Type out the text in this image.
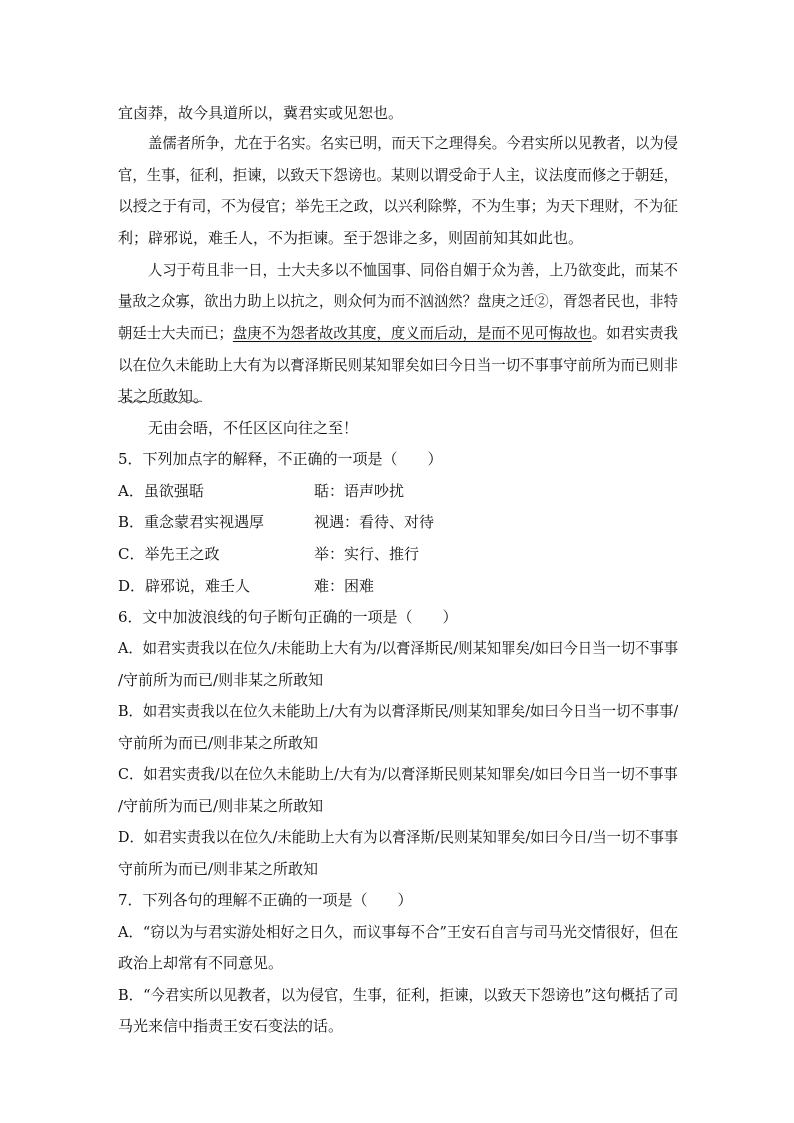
宜卤莽，故今具道所以，冀君实或见恕也。
盖儒者所争，尤在于名实。名实已明，而天下之理得矣。今君实所以见教者，以为侵
官，生事，征利，拒谏，以致天下怨谤也。某则以谓受命于人主，议法度而修之于朝廷，
以授之于有司，不为侵官；举先王之政，以兴利除弊，不为生事；为天下理财，不为征
利；辟邪说，难壬人，不为拒谏。至于怨诽之多，则固前知其如此也。
人习于苟且非一日，士大夫多以不恤国事、同俗自媚于众为善，上乃欲变此，而某不
量敌之众寡，欲出力助上以抗之，则众何为而不汹汹然？盘庚之迁②，胥怨者民也，非特
朝廷士大夫而已；盘庚不为怨者故改其度，度义而后动，是而不见可悔故也。如君实责我
以在位久未能助上大有为以膏泽斯民则某知罪矣如曰今日当一切不事事守前所为而已则非
某之所敢知。
无由会晤，不任区区向往之至！
5．下列加点字的解释，不正确的一项是（　　）
A．虽欲强聒	聒：语声吵扰
B．重念蒙君实视遇厚	视遇：看待、对待
C．举先王之政	举：实行、推行
D．辟邪说，难壬人	难：困难
6．文中加波浪线的句子断句正确的一项是（　　）
A．如君实责我以在位久/未能助上大有为/以膏泽斯民/则某知罪矣/如曰今日当一切不事事
/守前所为而已/则非某之所敢知
B．如君实责我以在位久未能助上/大有为以膏泽斯民/则某知罪矣/如曰今日当一切不事事/
守前所为而已/则非某之所敢知
C．如君实责我/以在位久未能助上/大有为/以膏泽斯民则某知罪矣/如曰今日当一切不事事
/守前所为而已/则非某之所敢知
D．如君实责我以在位久/未能助上大有为以膏泽斯/民则某知罪矣/如曰今日/当一切不事事
守前所为而已/则非某之所敢知
7．下列各句的理解不正确的一项是（　　）
A．“窃以为与君实游处相好之日久，而议事每不合”王安石自言与司马光交情很好，但在
政治上却常有不同意见。
B．“今君实所以见教者，以为侵官，生事，征利，拒谏，以致天下怨谤也”这句概括了司
马光来信中指责王安石变法的话。
